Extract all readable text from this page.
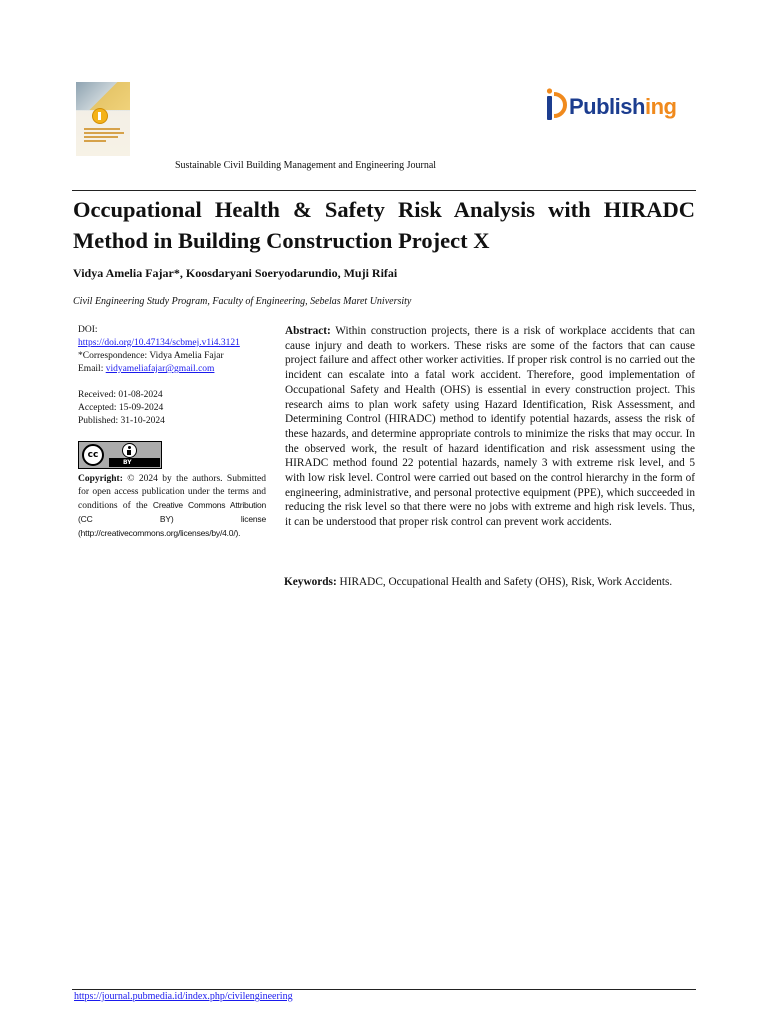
Publishing
Sustainable Civil Building Management and Engineering Journal
Occupational Health & Safety Risk Analysis with HIRADC Method in Building Construction Project X
Vidya Amelia Fajar*, Koosdaryani Soeryodarundio, Muji Rifai
Civil Engineering Study Program, Faculty of Engineering, Sebelas Maret University
DOI:
https://doi.org/10.47134/scbmej.v1i4.3121
*Correspondence: Vidya Amelia Fajar
Email: vidyameliafajar@gmail.com
Received: 01-08-2024
Accepted: 15-09-2024
Published: 31-10-2024
cc
BY
Copyright: © 2024 by the authors. Submitted for open access publication under the terms and conditions of the Creative Commons Attribution (CC BY) license (http://creativecommons.org/licenses/by/4.0/).

Abstract: Within construction projects, there is a risk of workplace accidents that can cause injury and death to workers. These risks are some of the factors that can cause project failure and affect other worker activities. If proper risk control is no carried out the incident can escalate into a fatal work accident. Therefore, good implementation of Occupational Safety and Health (OHS) is essential in every construction project. This research aims to plan work safety using Hazard Identification, Risk Assessment, and Determining Control (HIRADC) method to identify potential hazards, assess the risk of these hazards, and determine appropriate controls to minimize the risks that may occur. In the observed work, the result of hazard identification and risk assessment using the HIRADC method found 22 potential hazards, namely 3 with extreme risk level, and 5 with low risk level. Control were carried out based on the control hierarchy in the form of engineering, administrative, and personal protective equipment (PPE), which succeeded in reducing the risk level so that there were no jobs with extreme and high risk levels. Thus, it can be understood that proper risk control can prevent work accidents.

Keywords: HIRADC, Occupational Health and Safety (OHS), Risk, Work Accidents.

https://journal.pubmedia.id/index.php/civilengineering
